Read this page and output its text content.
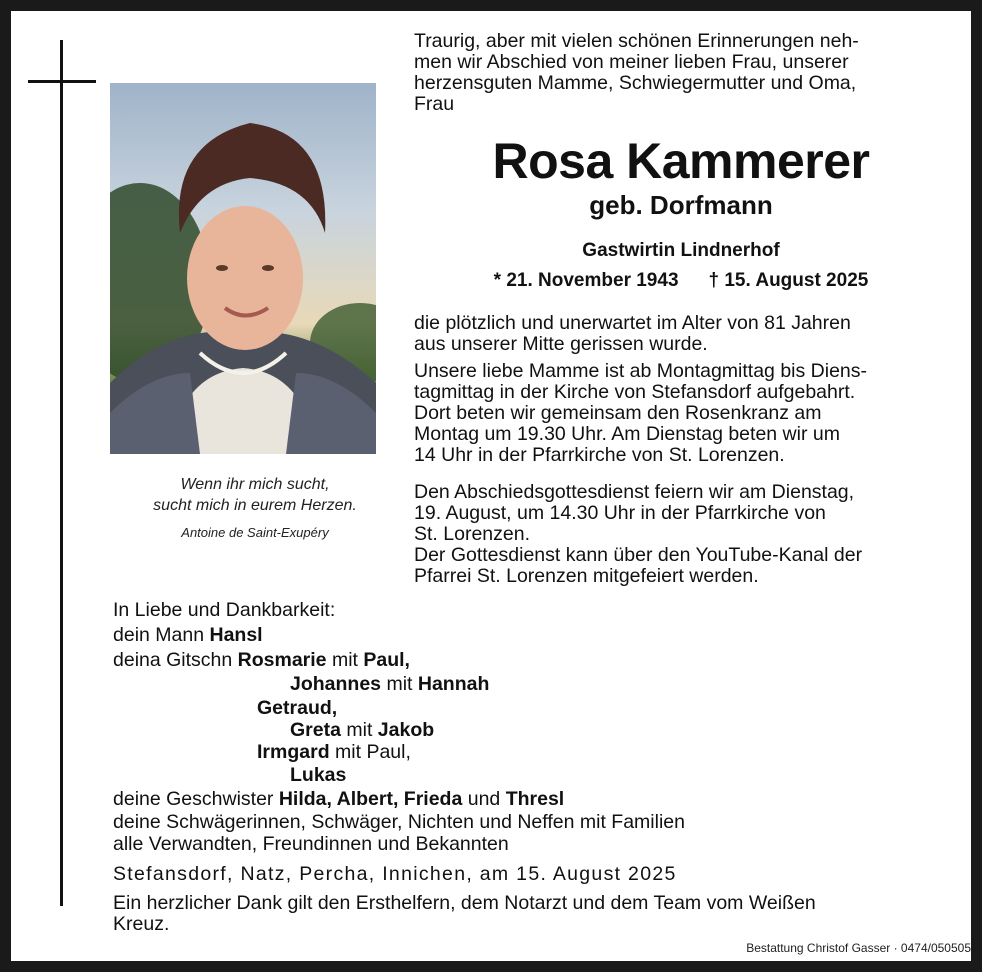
Wenn ihr mich sucht,
sucht mich in eurem Herzen.
Antoine de Saint-Exupéry
Traurig, aber mit vielen schönen Erinnerungen neh-
men wir Abschied von meiner lieben Frau, unserer
herzensguten Mamme, Schwiegermutter und Oma,
Frau
Rosa Kammerer
geb. Dorfmann
Gastwirtin Lindnerhof
* 21. November 1943 † 15. August 2025
die plötzlich und unerwartet im Alter von 81 Jahren
aus unserer Mitte gerissen wurde.
Unsere liebe Mamme ist ab Montagmittag bis Diens-
tagmittag in der Kirche von Stefansdorf aufgebahrt.
Dort beten wir gemeinsam den Rosenkranz am
Montag um 19.30 Uhr. Am Dienstag beten wir um
14 Uhr in der Pfarrkirche von St. Lorenzen.
Den Abschiedsgottesdienst feiern wir am Dienstag,
19. August, um 14.30 Uhr in der Pfarrkirche von
St. Lorenzen.
Der Gottesdienst kann über den YouTube-Kanal der
Pfarrei St. Lorenzen mitgefeiert werden.
In Liebe und Dankbarkeit:
dein Mann Hansl
deina Gitschn Rosmarie mit Paul,
Johannes mit Hannah
Getraud,
Greta mit Jakob
Irmgard mit Paul,
Lukas
deine Geschwister Hilda, Albert, Frieda und Thresl
deine Schwägerinnen, Schwäger, Nichten und Neffen mit Familien
alle Verwandten, Freundinnen und Bekannten
Stefansdorf, Natz, Percha, Innichen, am 15. August 2025
Ein herzlicher Dank gilt den Ersthelfern, dem Notarzt und dem Team vom Weißen
Kreuz.
Bestattung Christof Gasser · 0474/050505
